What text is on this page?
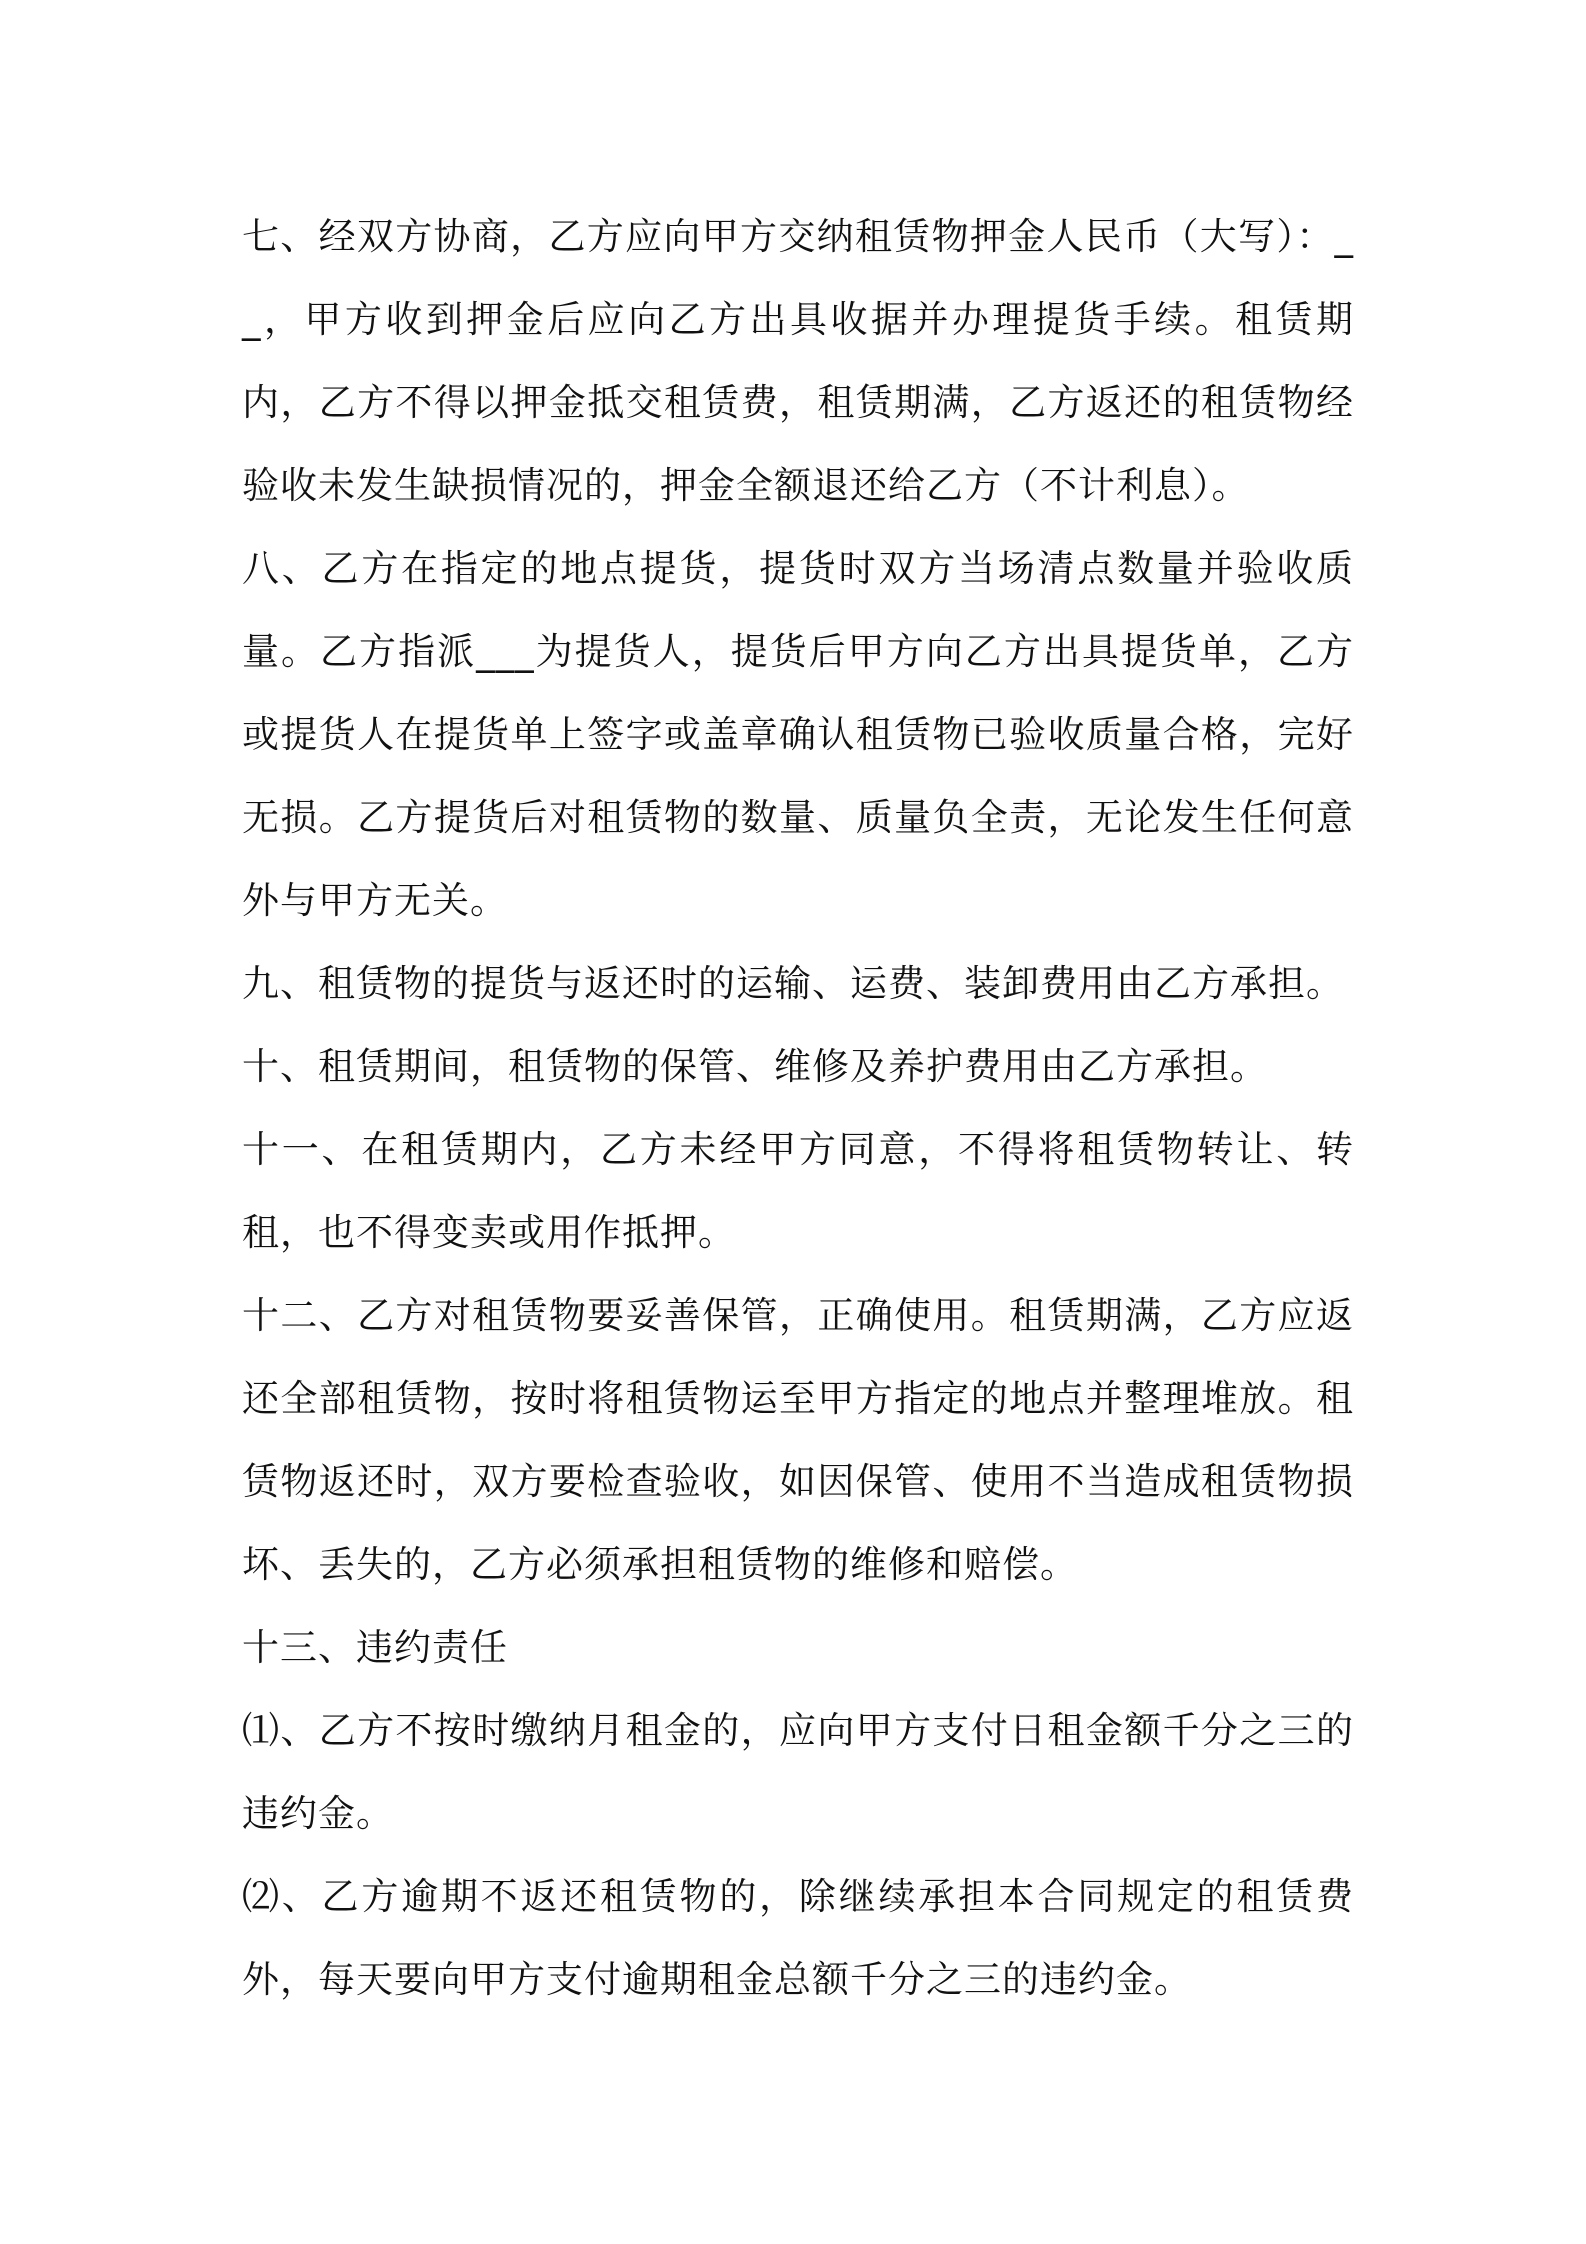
七、经双方协商，乙方应向甲方交纳租赁物押金人民币（大写）：__，甲方收到押金后应向乙方出具收据并办理提货手续。租赁期内，乙方不得以押金抵交租赁费，租赁期满，乙方返还的租赁物经验收未发生缺损情况的，押金全额退还给乙方（不计利息）。

八、乙方在指定的地点提货，提货时双方当场清点数量并验收质量。乙方指派___为提货人，提货后甲方向乙方出具提货单，乙方或提货人在提货单上签字或盖章确认租赁物已验收质量合格，完好无损。乙方提货后对租赁物的数量、质量负全责，无论发生任何意外与甲方无关。

九、租赁物的提货与返还时的运输、运费、装卸费用由乙方承担。

十、租赁期间，租赁物的保管、维修及养护费用由乙方承担。

十一、在租赁期内，乙方未经甲方同意，不得将租赁物转让、转租，也不得变卖或用作抵押。

十二、乙方对租赁物要妥善保管，正确使用。租赁期满，乙方应返还全部租赁物，按时将租赁物运至甲方指定的地点并整理堆放。租赁物返还时，双方要检查验收，如因保管、使用不当造成租赁物损坏、丢失的，乙方必须承担租赁物的维修和赔偿。

十三、违约责任

⑴、乙方不按时缴纳月租金的，应向甲方支付日租金额千分之三的违约金。

⑵、乙方逾期不返还租赁物的，除继续承担本合同规定的租赁费外，每天要向甲方支付逾期租金总额千分之三的违约金。
